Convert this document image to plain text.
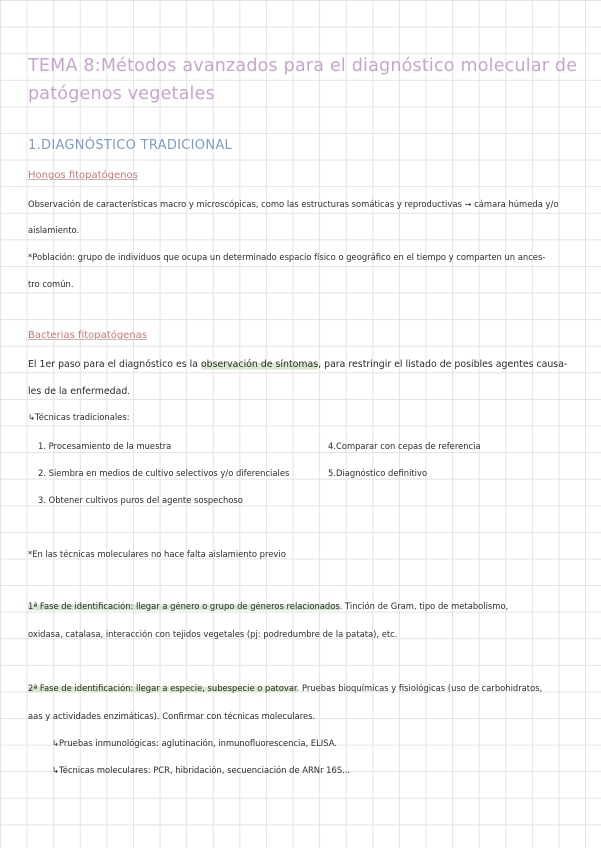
TEMA 8:Métodos avanzados para el diagnóstico molecular de patógenos vegetales
1.DIAGNÓSTICO TRADICIONAL
Hongos fitopatógenos
Observación de características macro y microscópicas, como las estructuras somáticas y reproductivas → cámara húmeda y/o
aislamiento.
*Población: grupo de individuos que ocupa un determinado espacio físico o geográfico en el tiempo y comparten un ances-
tro común.
Bacterias fitopatógenas
El 1er paso para el diagnóstico es la observación de síntomas, para restringir el listado de posibles agentes causa-
les de la enfermedad.
↳Técnicas tradicionales:
1. Procesamiento de la muestra	4.Comparar con cepas de referencia
2. Siembra en medios de cultivo selectivos y/o diferenciales	5.Diagnóstico definitivo
3. Obtener cultivos puros del agente sospechoso
*En las técnicas moleculares no hace falta aislamiento previo
1ª Fase de identificación: llegar a género o grupo de géneros relacionados. Tinción de Gram, tipo de metabolismo,
oxidasa, catalasa, interacción con tejidos vegetales (pj: podredumbre de la patata), etc.
2ª Fase de identificación: llegar a especie, subespecie o patovar. Pruebas bioquímicas y fisiológicas (uso de carbohidratos,
aas y actividades enzimáticas). Confirmar con técnicas moleculares.
↳Pruebas inmunológicas: aglutinación, inmunofluorescencia, ELISA.
↳Técnicas moleculares: PCR, hibridación, secuenciación de ARNr 16S...
